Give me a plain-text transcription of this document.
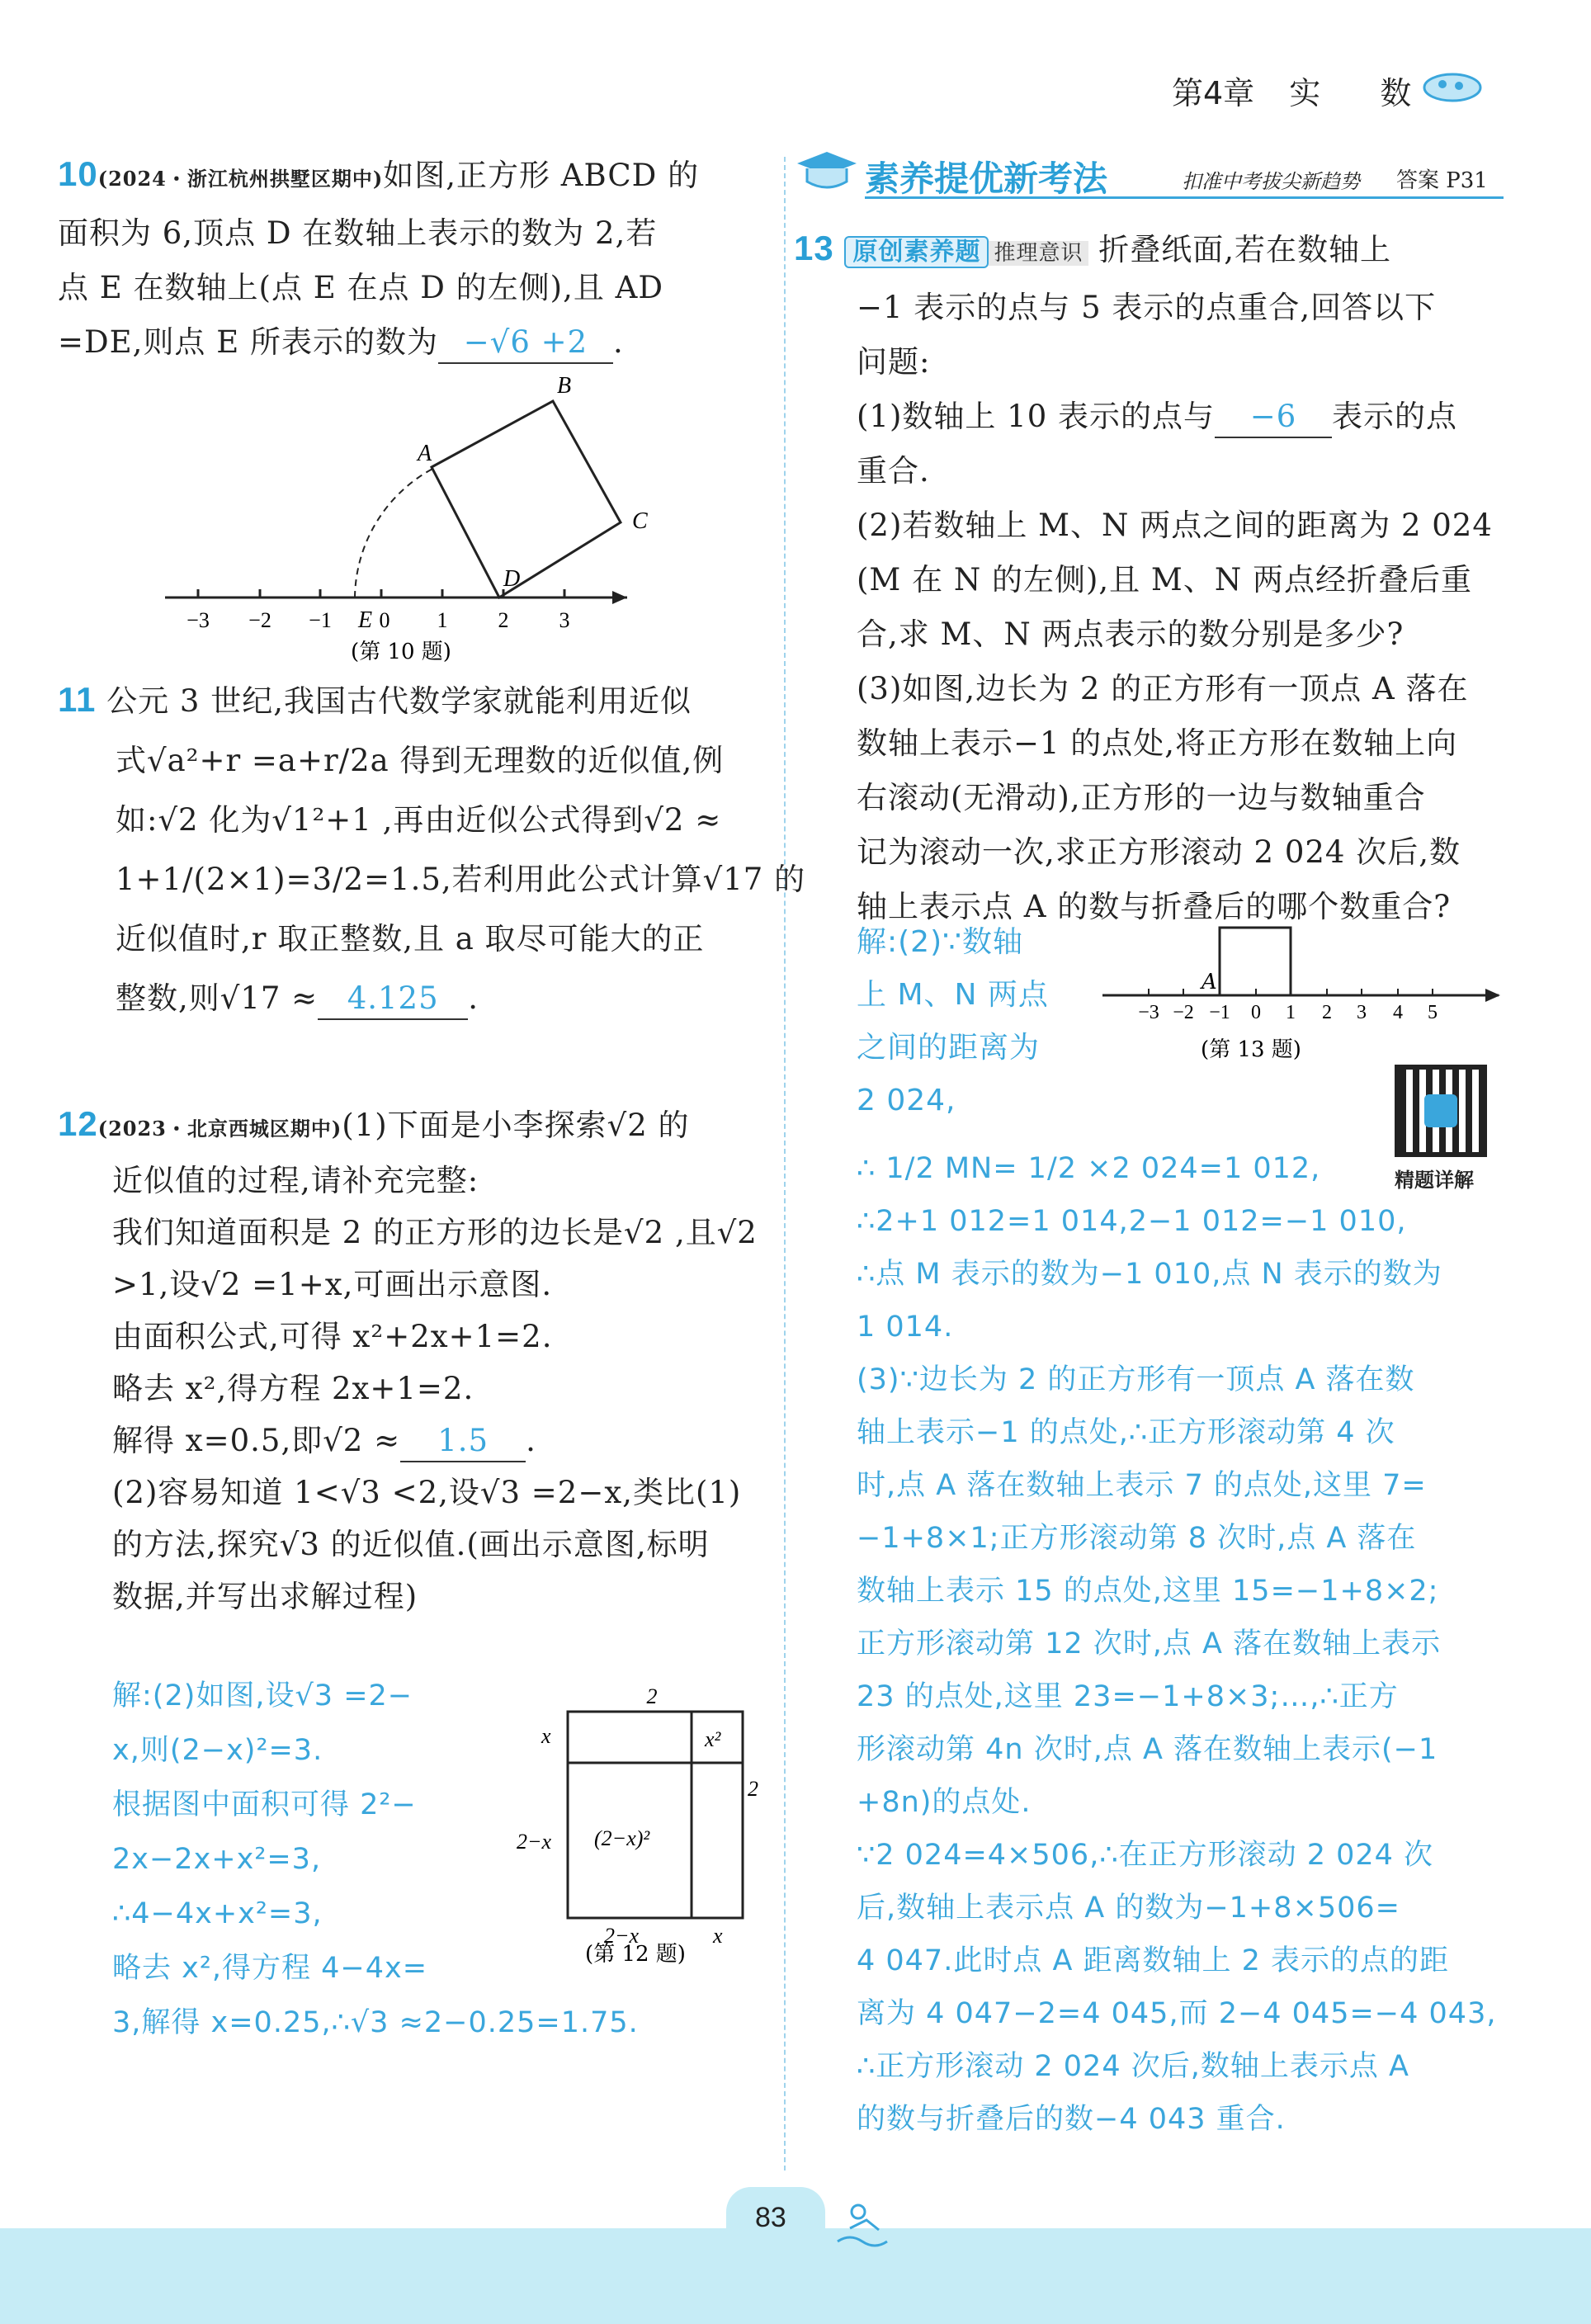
第4章 实 数
10(2024・浙江杭州拱墅区期中)如图,正方形 ABCD 的
面积为 6,顶点 D 在数轴上表示的数为 2,若
点 E 在数轴上(点 E 在点 D 的左侧),且 AD
=DE,则点 E 所表示的数为 −√6 +2 .
−3 −2 −1 0 1 2 3
A
B
C
D
E
(第 10 题)
11 公元 3 世纪,我国古代数学家就能利用近似
式√a²+r =a+r/2a 得到无理数的近似值,例
如:√2 化为√1²+1 ,再由近似公式得到√2 ≈
1+1/(2×1)=3/2=1.5,若利用此公式计算√17 的
近似值时,r 取正整数,且 a 取尽可能大的正
整数,则√17 ≈ 4.125 .
12(2023・北京西城区期中)(1)下面是小李探索√2 的
近似值的过程,请补充完整:
我们知道面积是 2 的正方形的边长是√2 ,且√2
>1,设√2 =1+x,可画出示意图.
由面积公式,可得 x²+2x+1=2.
略去 x²,得方程 2x+1=2.
解得 x=0.5,即√2 ≈ 1.5 .
(2)容易知道 1<√3 <2,设√3 =2−x,类比(1)
的方法,探究√3 的近似值.(画出示意图,标明
数据,并写出求解过程)
解:(2)如图,设√3 =2−
x,则(2−x)²=3.
根据图中面积可得 2²−
2x−2x+x²=3,
∴4−4x+x²=3,
略去 x²,得方程 4−4x=
3,解得 x=0.25,∴√3 ≈2−0.25=1.75.
2
x	x²
2
2−x (2−x)²
2−x	x
(第 12 题)
素养提优新考法	扣准中考拔尖新趋势 答案 P31
13 原创素养题 推理意识 折叠纸面,若在数轴上
−1 表示的点与 5 表示的点重合,回答以下
问题:
(1)数轴上 10 表示的点与 −6 表示的点
重合.
(2)若数轴上 M、N 两点之间的距离为 2 024
(M 在 N 的左侧),且 M、N 两点经折叠后重
合,求 M、N 两点表示的数分别是多少?
(3)如图,边长为 2 的正方形有一顶点 A 落在
数轴上表示−1 的点处,将正方形在数轴上向
右滚动(无滑动),正方形的一边与数轴重合
记为滚动一次,求正方形滚动 2 024 次后,数
轴上表示点 A 的数与折叠后的哪个数重合?
解:(2)∵数轴
上 M、N 两点
之间的距离为
2 024,
−3 −2 −1 0 1 2 3 4 5
A
(第 13 题)
精题详解
∴ 1/2 MN= 1/2 ×2 024=1 012,
∴2+1 012=1 014,2−1 012=−1 010,
∴点 M 表示的数为−1 010,点 N 表示的数为
1 014.
(3)∵边长为 2 的正方形有一顶点 A 落在数
轴上表示−1 的点处,∴正方形滚动第 4 次
时,点 A 落在数轴上表示 7 的点处,这里 7=
−1+8×1;正方形滚动第 8 次时,点 A 落在
数轴上表示 15 的点处,这里 15=−1+8×2;
正方形滚动第 12 次时,点 A 落在数轴上表示
23 的点处,这里 23=−1+8×3;…,∴正方
形滚动第 4n 次时,点 A 落在数轴上表示(−1
+8n)的点处.
∵2 024=4×506,∴在正方形滚动 2 024 次
后,数轴上表示点 A 的数为−1+8×506=
4 047.此时点 A 距离数轴上 2 表示的点的距
离为 4 047−2=4 045,而 2−4 045=−4 043,
∴正方形滚动 2 024 次后,数轴上表示点 A
的数与折叠后的数−4 043 重合.
83
